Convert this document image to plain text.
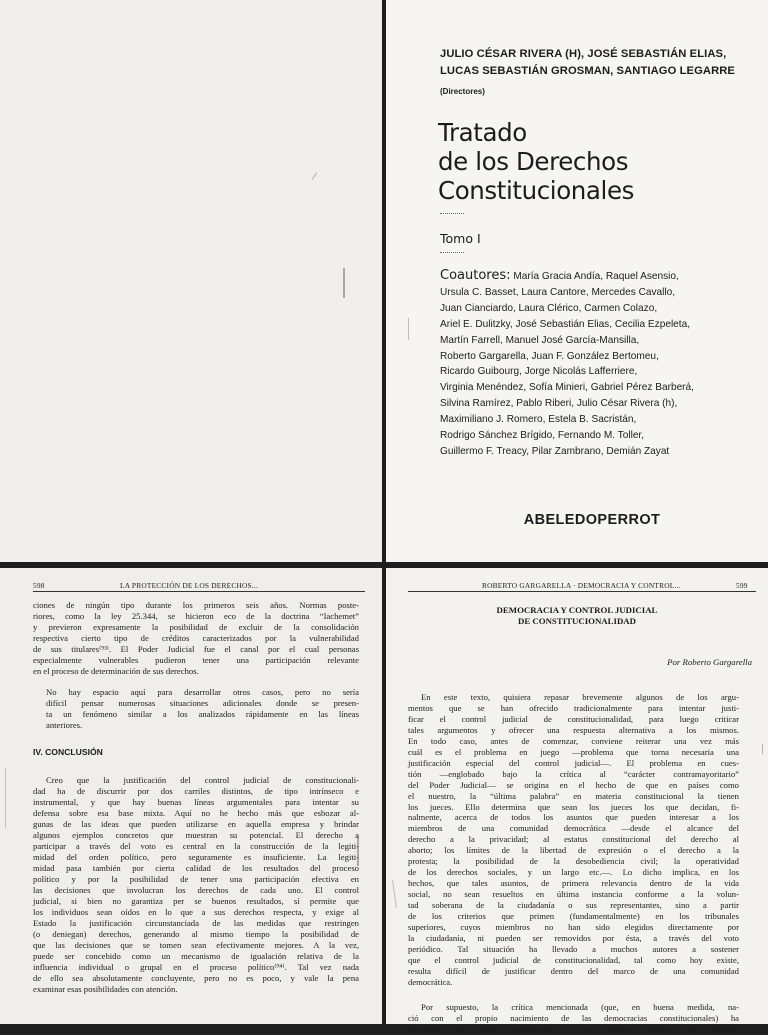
JULIO CÉSAR RIVERA (H), JOSÉ SEBASTIÁN ELIAS,
LUCAS SEBASTIÁN GROSMAN, SANTIAGO LEGARRE
(Directores)
Tratado
de los Derechos
Constitucionales
Tomo I
Coautores: María Gracia Andía, Raquel Asensio,
Ursula C. Basset, Laura Cantore, Mercedes Cavallo,
Juan Cianciardo, Laura Clérico, Carmen Colazo,
Ariel E. Dulitzky, José Sebastián Elias, Cecilia Ezpeleta,
Martín Farrell, Manuel José García-Mansilla,
Roberto Gargarella, Juan F. González Bertomeu,
Ricardo Guibourg, Jorge Nicolás Lafferriere,
Virginia Menéndez, Sofía Minieri, Gabriel Pérez Barberá,
Silvina Ramírez, Pablo Riberi, Julio César Rivera (h),
Maximiliano J. Romero, Estela B. Sacristán,
Rodrigo Sánchez Brígido, Fernando M. Toller,
Guillermo F. Treacy, Pilar Zambrano, Demián Zayat
ABELEDOPERROT
598	LA PROTECCIÓN DE LOS DERECHOS...

ciones de ningún tipo durante los primeros seis años. Normas poste-
riores, como la ley 25.344, se hicieron eco de la doctrina “Iachemet”
y previeron expresamente la posibilidad de excluir de la consolidación
respectiva cierto tipo de créditos caracterizados por la vulnerabilidad
de sus titulares⁽⁹³⁾. El Poder Judicial fue el canal por el cual personas
especialmente vulnerables pudieron tener una participación relevante
en el proceso de determinación de sus derechos.

No hay espacio aquí para desarrollar otros casos, pero no sería
difícil pensar numerosas situaciones adicionales donde se presen-
ta un fenómeno similar a los analizados rápidamente en las líneas
anteriores.

IV. CONCLUSIÓN

Creo que la justificación del control judicial de constitucionali-
dad ha de discurrir por dos carriles distintos, de tipo intrínseco e
instrumental, y que hay buenas líneas argumentales para intentar su
defensa sobre esa base mixta. Aquí no he hecho más que esbozar al-
gunas de las ideas que pueden utilizarse en aquella empresa y brindar
algunos ejemplos concretos que muestran su potencial. El derecho a
participar a través del voto es central en la construcción de la legiti-
midad del orden político, pero seguramente es insuficiente. La legiti-
midad pasa también por cierta calidad de los resultados del proceso
político y por la posibilidad de tener una participación efectiva en
las decisiones que involucran los derechos de cada uno. El control
judicial, si bien no garantiza per se buenos resultados, sí permite que
los individuos sean oídos en lo que a sus derechos respecta, y exige al
Estado la justificación circunstanciada de las medidas que restringen
(o deniegan) derechos, generando al mismo tiempo la posibilidad de
que las decisiones que se tomen sean efectivamente mejores. A la vez,
puede ser concebido como un mecanismo de igualación relativa de la
influencia individual o grupal en el proceso político⁽⁹⁴⁾. Tal vez nada
de ello sea absolutamente concluyente, pero no es poco, y vale la pena
examinar esas posibilidades con atención.

ROBERTO GARGARELLA · DEMOCRACIA Y CONTROL...	599
DEMOCRACIA Y CONTROL JUDICIAL
DE CONSTITUCIONALIDAD
Por Roberto Gargarella

En este texto, quisiera repasar brevemente algunos de los argu-
mentos que se han ofrecido tradicionalmente para intentar justi-
ficar el control judicial de constitucionalidad, para luego criticar
tales argumentos y ofrecer una respuesta alternativa a los mismos.
En todo caso, antes de comenzar, conviene reiterar una vez más
cuál es el problema en juego —problema que torna necesaria una
justificación especial del control judicial—. El problema en cues-
tión —englobado bajo la crítica al “carácter contramayoritario”
del Poder Judicial— se origina en el hecho de que en países como
el nuestro, la “última palabra” en materia constitucional la tienen
los jueces. Ello determina que sean los jueces los que decidan, fi-
nalmente, acerca de todos los asuntos que pueden interesar a los
miembros de una comunidad democrática —desde el alcance del
derecho a la privacidad; al estatus constitucional del derecho al
aborto; los límites de la libertad de expresión o el derecho a la
protesta; la posibilidad de la desobediencia civil; la operatividad
de los derechos sociales, y un largo etc.—. Lo dicho implica, en los
hechos, que tales asuntos, de primera relevancia dentro de la vida
social, no sean resueltos en última instancia conforme a la volun-
tad soberana de la ciudadanía o sus representantes, sino a partir
de los criterios que primen (fundamentalmente) en los tribunales
superiores, cuyos miembros no han sido elegidos directamente por
la ciudadanía, ni pueden ser removidos por ésta, a través del voto
periódico. Tal situación ha llevado a muchos autores a sostener
que el control judicial de constitucionalidad, tal como hoy existe,
resulta difícil de justificar dentro del marco de una comunidad
democrática.

Por supuesto, la crítica mencionada (que, en buena medida, na-
ció con el propio nacimiento de las democracias constitucionales) ha
generado una fuerte resistencia en el ámbito jurídico: son muchos
